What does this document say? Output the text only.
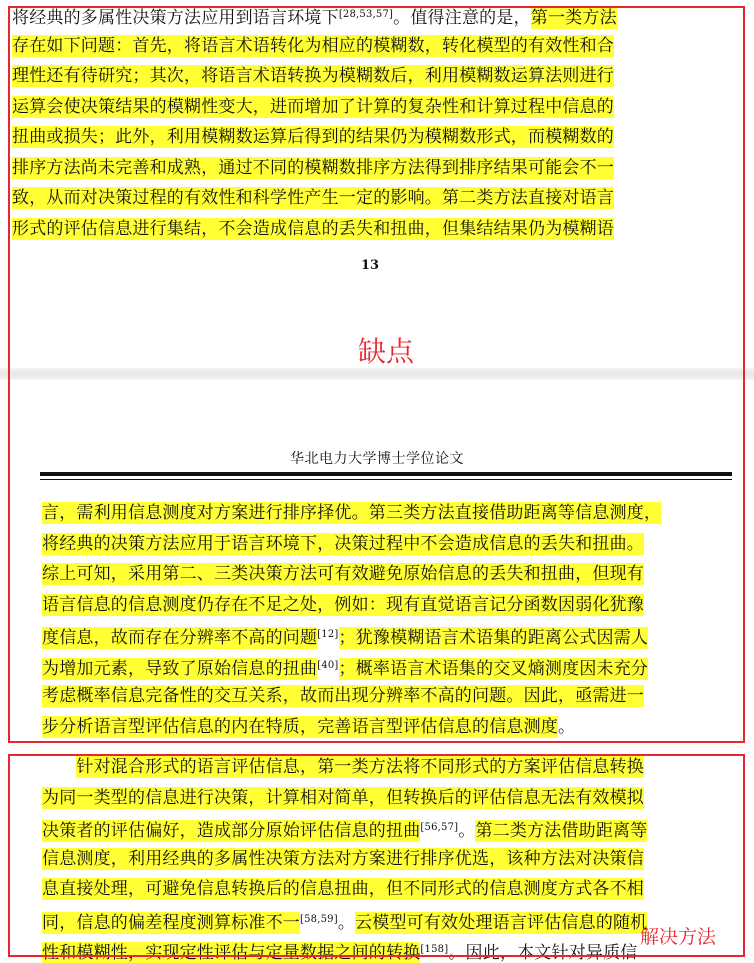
将经典的多属性决策方法应用到语言环境下[28,53,57]。值得注意的是，第一类方法
存在如下问题：首先，将语言术语转化为相应的模糊数，转化模型的有效性和合
理性还有待研究；其次，将语言术语转换为模糊数后，利用模糊数运算法则进行
运算会使决策结果的模糊性变大，进而增加了计算的复杂性和计算过程中信息的
扭曲或损失；此外，利用模糊数运算后得到的结果仍为模糊数形式，而模糊数的
排序方法尚未完善和成熟，通过不同的模糊数排序方法得到排序结果可能会不一
致，从而对决策过程的有效性和科学性产生一定的影响。第二类方法直接对语言
形式的评估信息进行集结，不会造成信息的丢失和扭曲，但集结结果仍为模糊语
13
华北电力大学博士学位论文
言，需利用信息测度对方案进行排序择优。第三类方法直接借助距离等信息测度，
将经典的决策方法应用于语言环境下，决策过程中不会造成信息的丢失和扭曲。
综上可知，采用第二、三类决策方法可有效避免原始信息的丢失和扭曲，但现有
语言信息的信息测度仍存在不足之处，例如：现有直觉语言记分函数因弱化犹豫
度信息，故而存在分辨率不高的问题[12]；犹豫模糊语言术语集的距离公式因需人
为增加元素，导致了原始信息的扭曲[40]；概率语言术语集的交叉熵测度因未充分
考虑概率信息完备性的交互关系，故而出现分辨率不高的问题。因此，亟需进一
步分析语言型评估信息的内在特质，完善语言型评估信息的信息测度。
　　针对混合形式的语言评估信息，第一类方法将不同形式的方案评估信息转换
为同一类型的信息进行决策，计算相对简单，但转换后的评估信息无法有效模拟
决策者的评估偏好，造成部分原始评估信息的扭曲[56,57]。第二类方法借助距离等
信息测度，利用经典的多属性决策方法对方案进行排序优选，该种方法对决策信
息直接处理，可避免信息转换后的信息扭曲，但不同形式的信息测度方式各不相
同，信息的偏差程度测算标准不一[58,59]。云模型可有效处理语言评估信息的随机
性和模糊性，实现定性评估与定量数据之间的转换[158]。因此，本文针对异质信
缺点
解决方法
